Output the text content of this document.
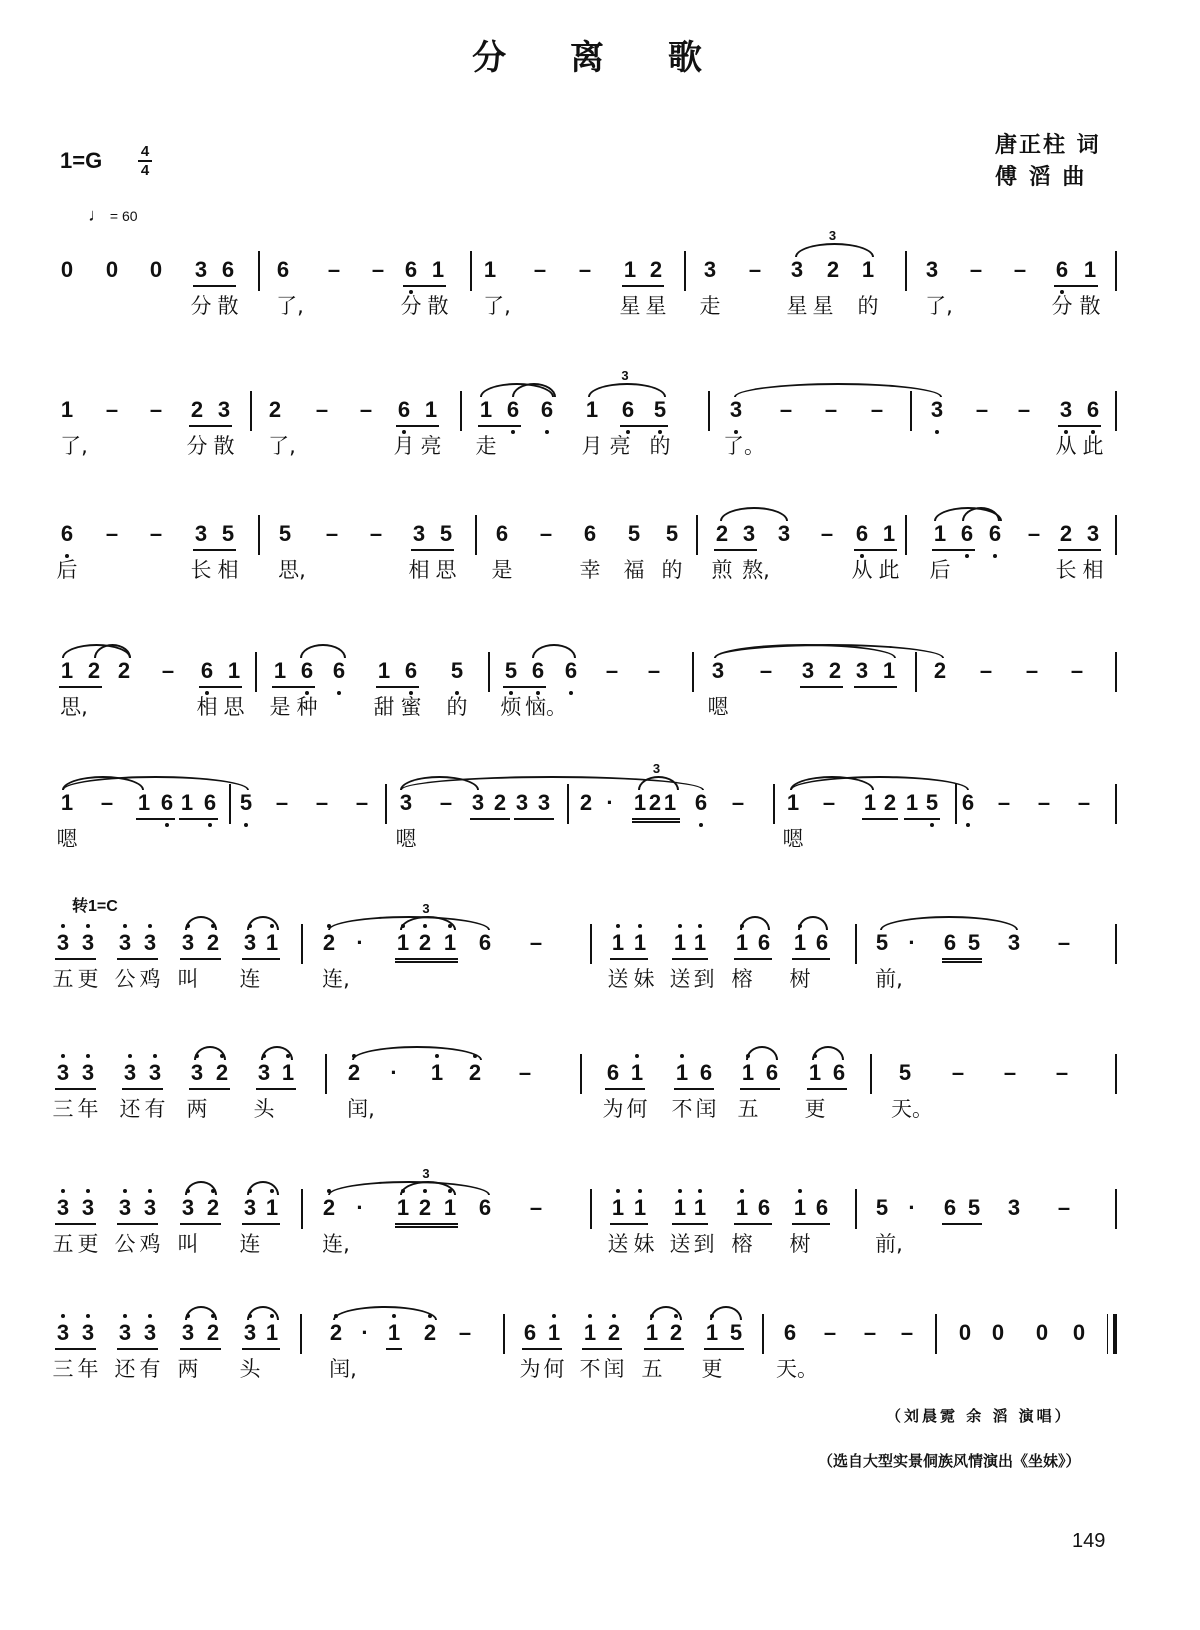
分 离 歌
唐正柱 词
傅 滔 曲
1=G	4
4
♩ = 60
转1=C
0 0 0 3 6 6 – – 6 1 1 – – 1 2 3 – 3 2 1 3 – – 6 1
分 散 了,	分 散 了,	星 星 走	星 星 的 了,	分 散
3
1 – – 2 3 2 – – 6 1 1 6 6 1 6 5	3 – – – 3 – – 3 6
了,	分 散 了,	月 亮 走	月 亮 的	了。	从 此
3
6 – – 3 5 5 – – 3 5 6 – 6 5 5 2 3 3 – 6 1 1 6 6 – 2 3
后	长 相 思,	相 思 是	幸 福 的 煎 熬,	从 此 后	长 相
1 2 2 – 6 1 1 6 6 1 6 5 5 6 6 – – 3 – 3 2 3 1 2 – – –
思,	相 思 是 种	甜 蜜 的 烦 恼。	嗯
1 – 1 6 1 6 5 – – – 3 – 3 2 3 3 2 · 1 2 1 6 – 1 – 1 2 1 5 6 – – –
嗯	嗯	嗯
3
3 3 3 3 3 2 3 1 2 · 1 2 1 6 –	1 1 1 1 1 6 1 6 5 · 6 5 3 –
五 更 公 鸡 叫 连	连,	送 妹 送 到 榕 树	前,
3
3 3 3 3 3 2 3 1 2 · 1 2 –	6 1 1 6 1 6 1 6 5 – – –
三 年 还 有 两 头	闰,	为 何 不 闰 五 更	天。
3 3 3 3 3 2 3 1 2 · 1 2 1 6 –	1 1 1 1 1 6 1 6 5 · 6 5 3 –
五 更 公 鸡 叫 连	连,	送 妹 送 到 榕 树	前,
3
3 3 3 3 3 2 3 1 2 · 1 2 – 6 1 1 2 1 2 1 5 6 – – – 0 0 0 0
三 年 还 有 两 头	闰,	为 何 不 闰 五 更	天。
（刘晨霓 余 滔 演唱）
（选自大型实景侗族风情演出《坐妹》）
149
